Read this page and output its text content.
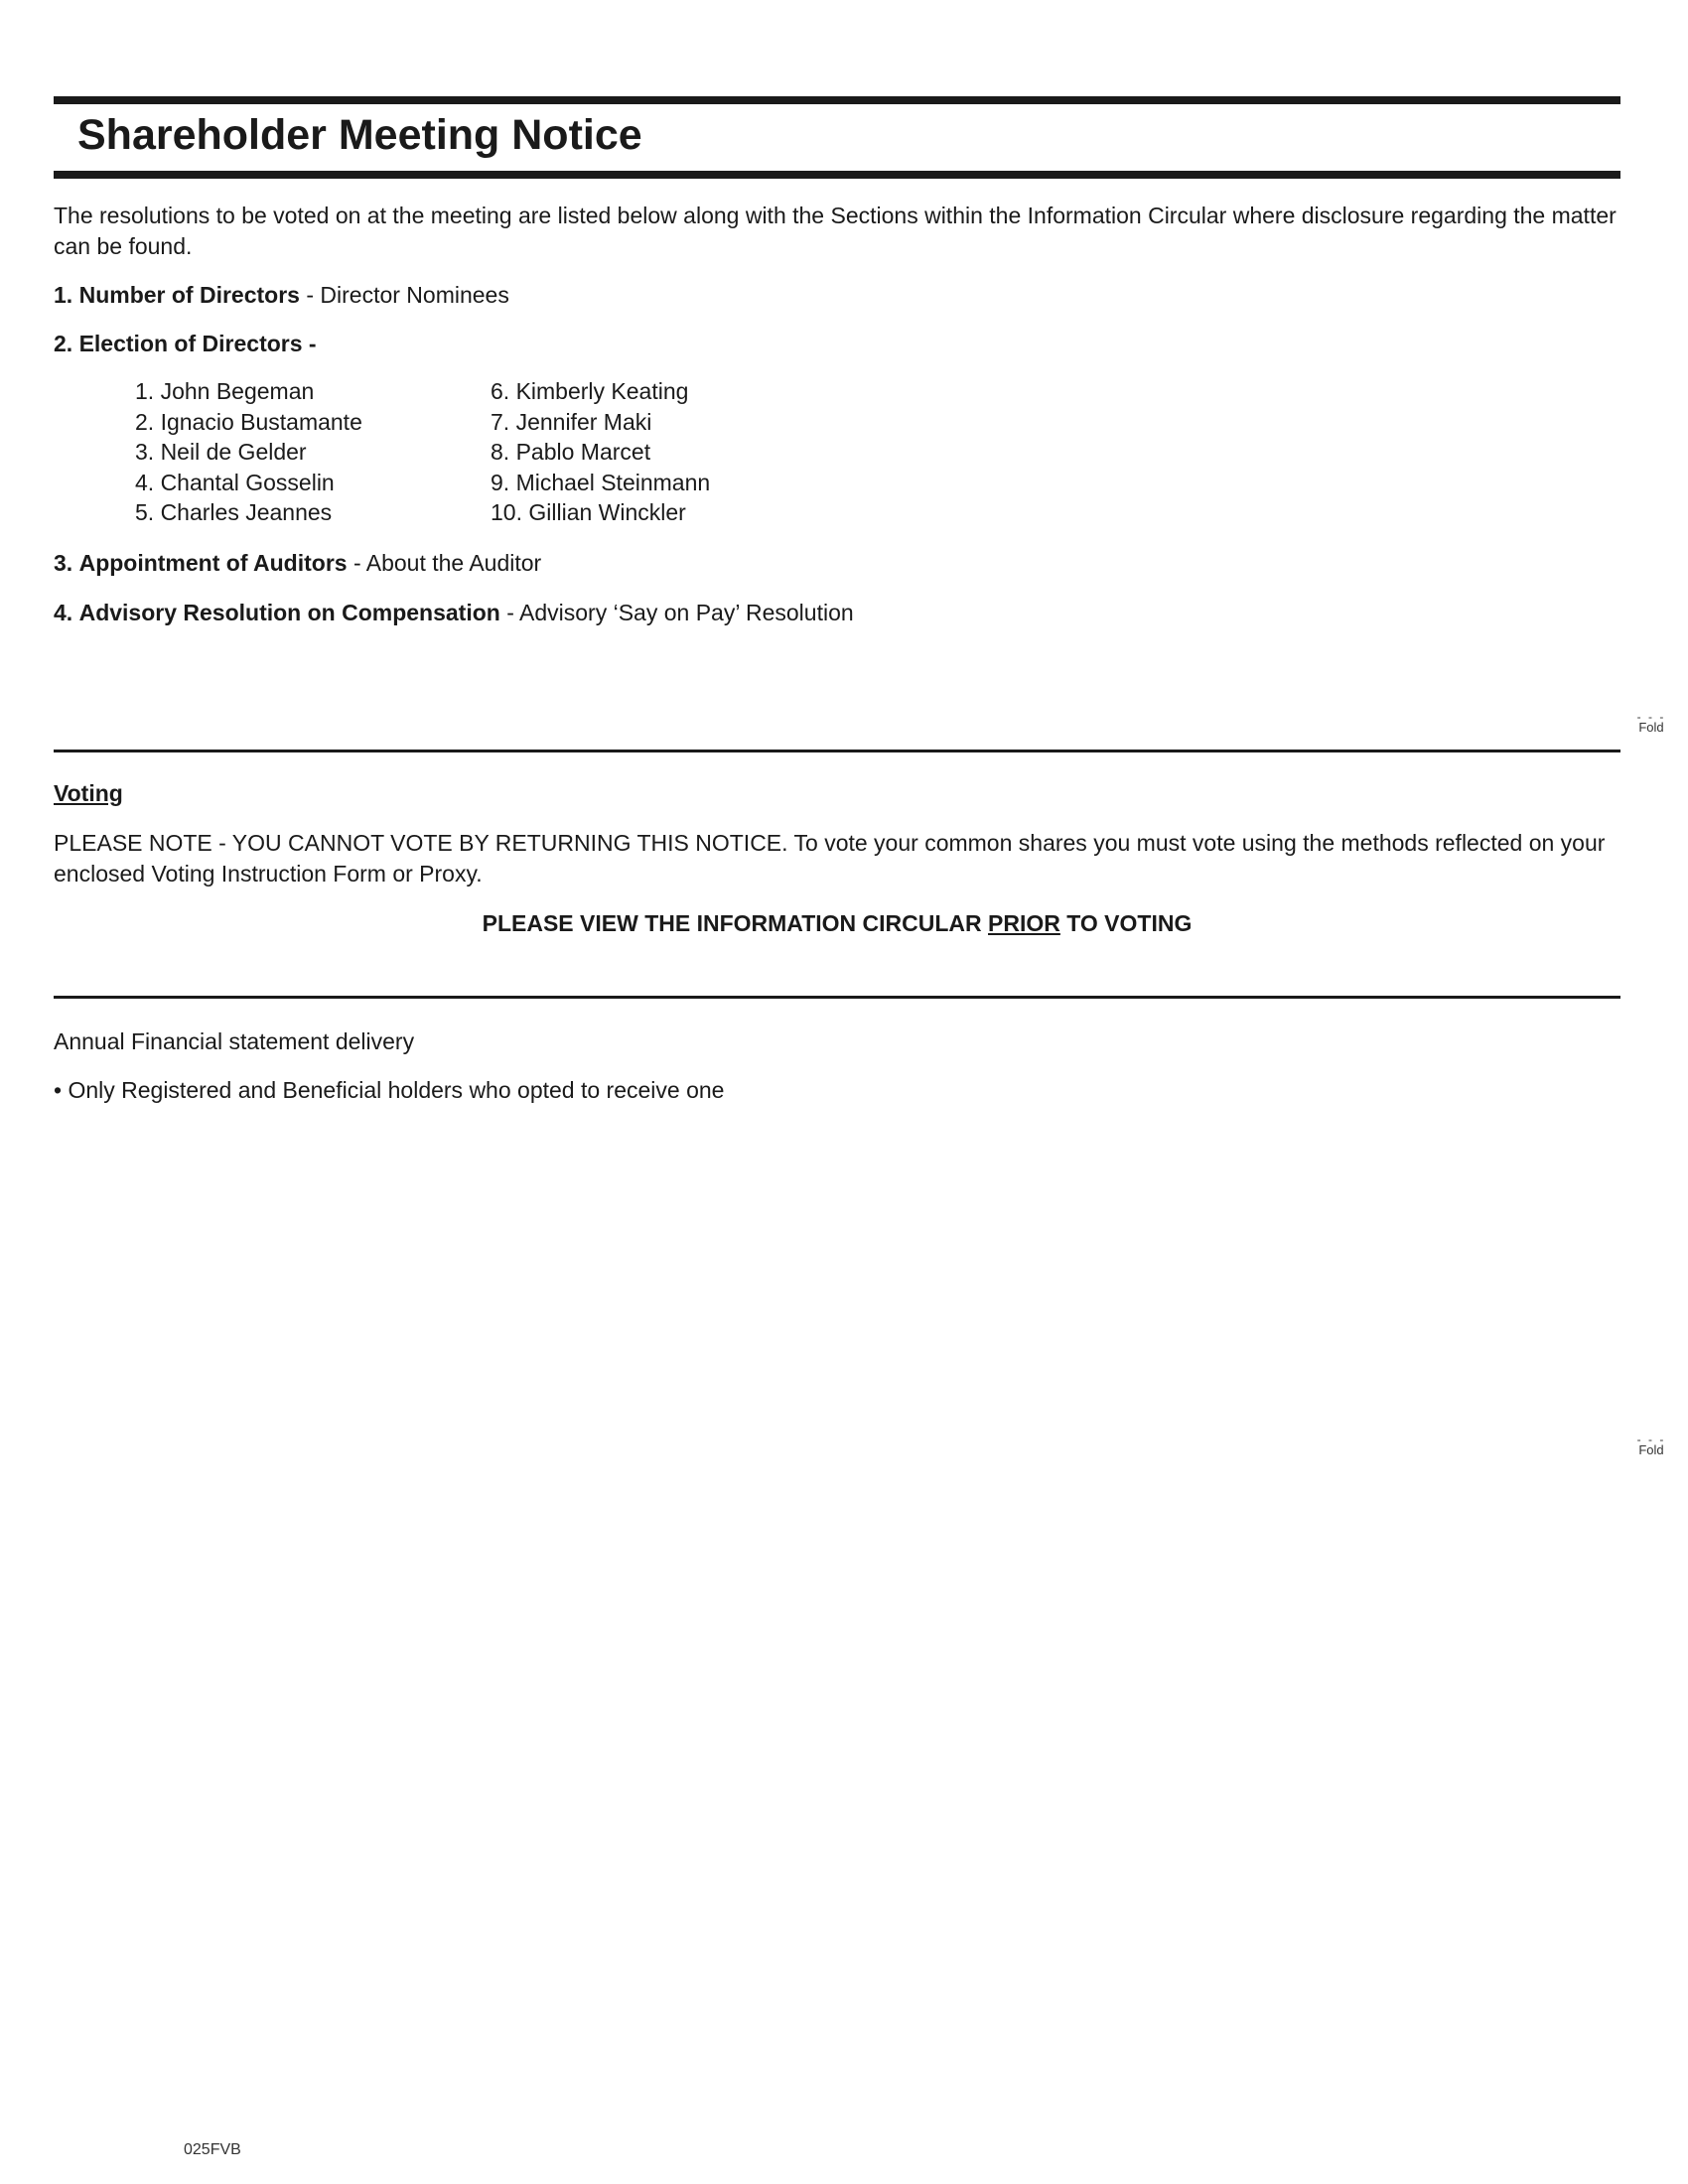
Shareholder Meeting Notice
The resolutions to be voted on at the meeting are listed below along with the Sections within the Information Circular where disclosure regarding the matter can be found.
1. Number of Directors - Director Nominees
2. Election of Directors -
1. John Begeman
2. Ignacio Bustamante
3. Neil de Gelder
4. Chantal Gosselin
5. Charles Jeannes
6. Kimberly Keating
7. Jennifer Maki
8. Pablo Marcet
9. Michael Steinmann
10. Gillian Winckler
3. Appointment of Auditors - About the Auditor
4. Advisory Resolution on Compensation - Advisory ‘Say on Pay’ Resolution
- - -
Fold
Voting
PLEASE NOTE - YOU CANNOT VOTE BY RETURNING THIS NOTICE. To vote your common shares you must vote using the methods reflected on your enclosed Voting Instruction Form or Proxy.
PLEASE VIEW THE INFORMATION CIRCULAR PRIOR TO VOTING
Annual Financial statement delivery
• Only Registered and Beneficial holders who opted to receive one
- - -
Fold
025FVB
